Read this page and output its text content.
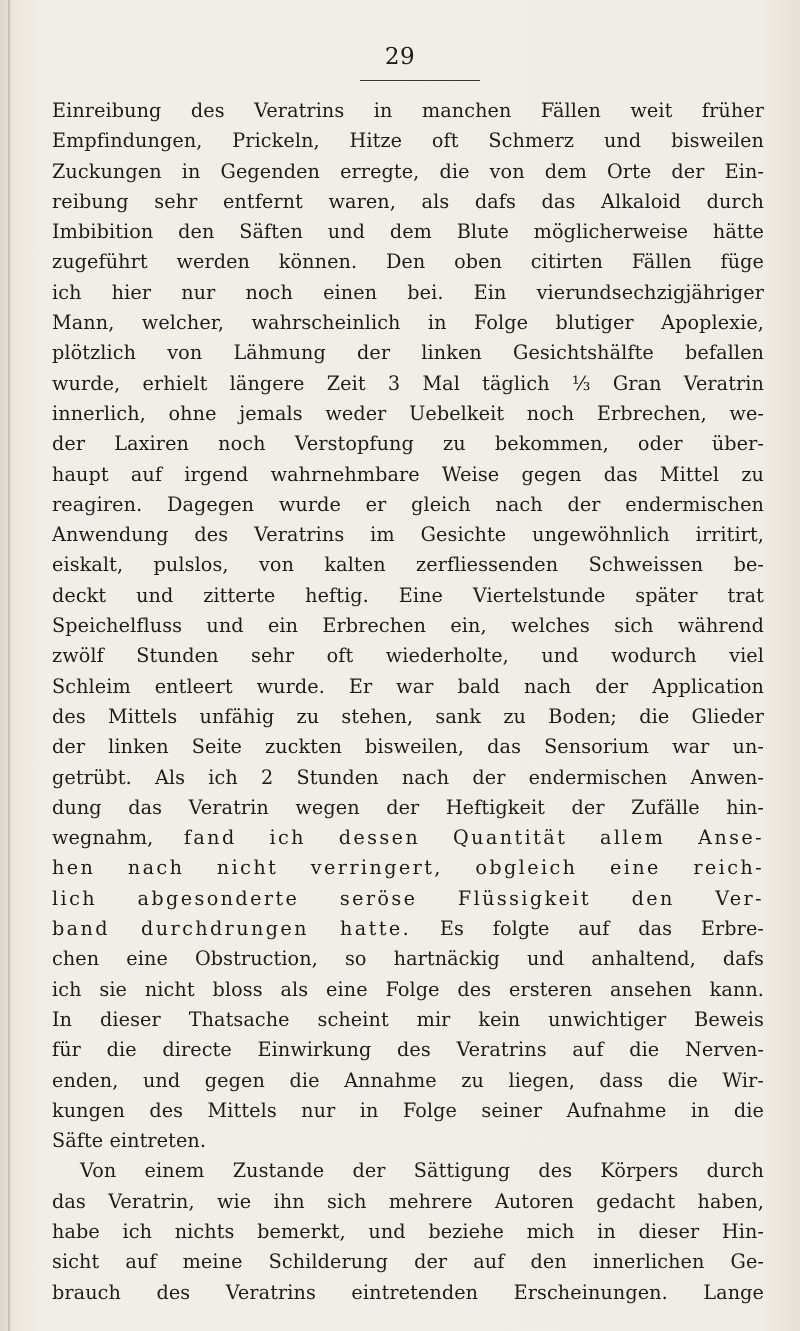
29
Einreibung des Veratrins in manchen Fällen weit früher
Empfindungen, Prickeln, Hitze oft Schmerz und bisweilen
Zuckungen in Gegenden erregte, die von dem Orte der Ein-
reibung sehr entfernt waren, als dafs das Alkaloid durch
Imbibition den Säften und dem Blute möglicherweise hätte
zugeführt werden können. Den oben citirten Fällen füge
ich hier nur noch einen bei. Ein vierundsechzigjähriger
Mann, welcher, wahrscheinlich in Folge blutiger Apoplexie,
plötzlich von Lähmung der linken Gesichtshälfte befallen
wurde, erhielt längere Zeit 3 Mal täglich ⅓ Gran Veratrin
innerlich, ohne jemals weder Uebelkeit noch Erbrechen, we-
der Laxiren noch Verstopfung zu bekommen, oder über-
haupt auf irgend wahrnehmbare Weise gegen das Mittel zu
reagiren. Dagegen wurde er gleich nach der endermischen
Anwendung des Veratrins im Gesichte ungewöhnlich irritirt,
eiskalt, pulslos, von kalten zerfliessenden Schweissen be-
deckt und zitterte heftig. Eine Viertelstunde später trat
Speichelfluss und ein Erbrechen ein, welches sich während
zwölf Stunden sehr oft wiederholte, und wodurch viel
Schleim entleert wurde. Er war bald nach der Application
des Mittels unfähig zu stehen, sank zu Boden; die Glieder
der linken Seite zuckten bisweilen, das Sensorium war un-
getrübt. Als ich 2 Stunden nach der endermischen Anwen-
dung das Veratrin wegen der Heftigkeit der Zufälle hin-
wegnahm, fand ich dessen Quantität allem Anse-
hen nach nicht verringert, obgleich eine reich-
lich abgesonderte seröse Flüssigkeit den Ver-
band durchdrungen hatte. Es folgte auf das Erbre-
chen eine Obstruction, so hartnäckig und anhaltend, dafs
ich sie nicht bloss als eine Folge des ersteren ansehen kann.
In dieser Thatsache scheint mir kein unwichtiger Beweis
für die directe Einwirkung des Veratrins auf die Nerven-
enden, und gegen die Annahme zu liegen, dass die Wir-
kungen des Mittels nur in Folge seiner Aufnahme in die
Säfte eintreten.
Von einem Zustande der Sättigung des Körpers durch
das Veratrin, wie ihn sich mehrere Autoren gedacht haben,
habe ich nichts bemerkt, und beziehe mich in dieser Hin-
sicht auf meine Schilderung der auf den innerlichen Ge-
brauch des Veratrins eintretenden Erscheinungen. Lange
